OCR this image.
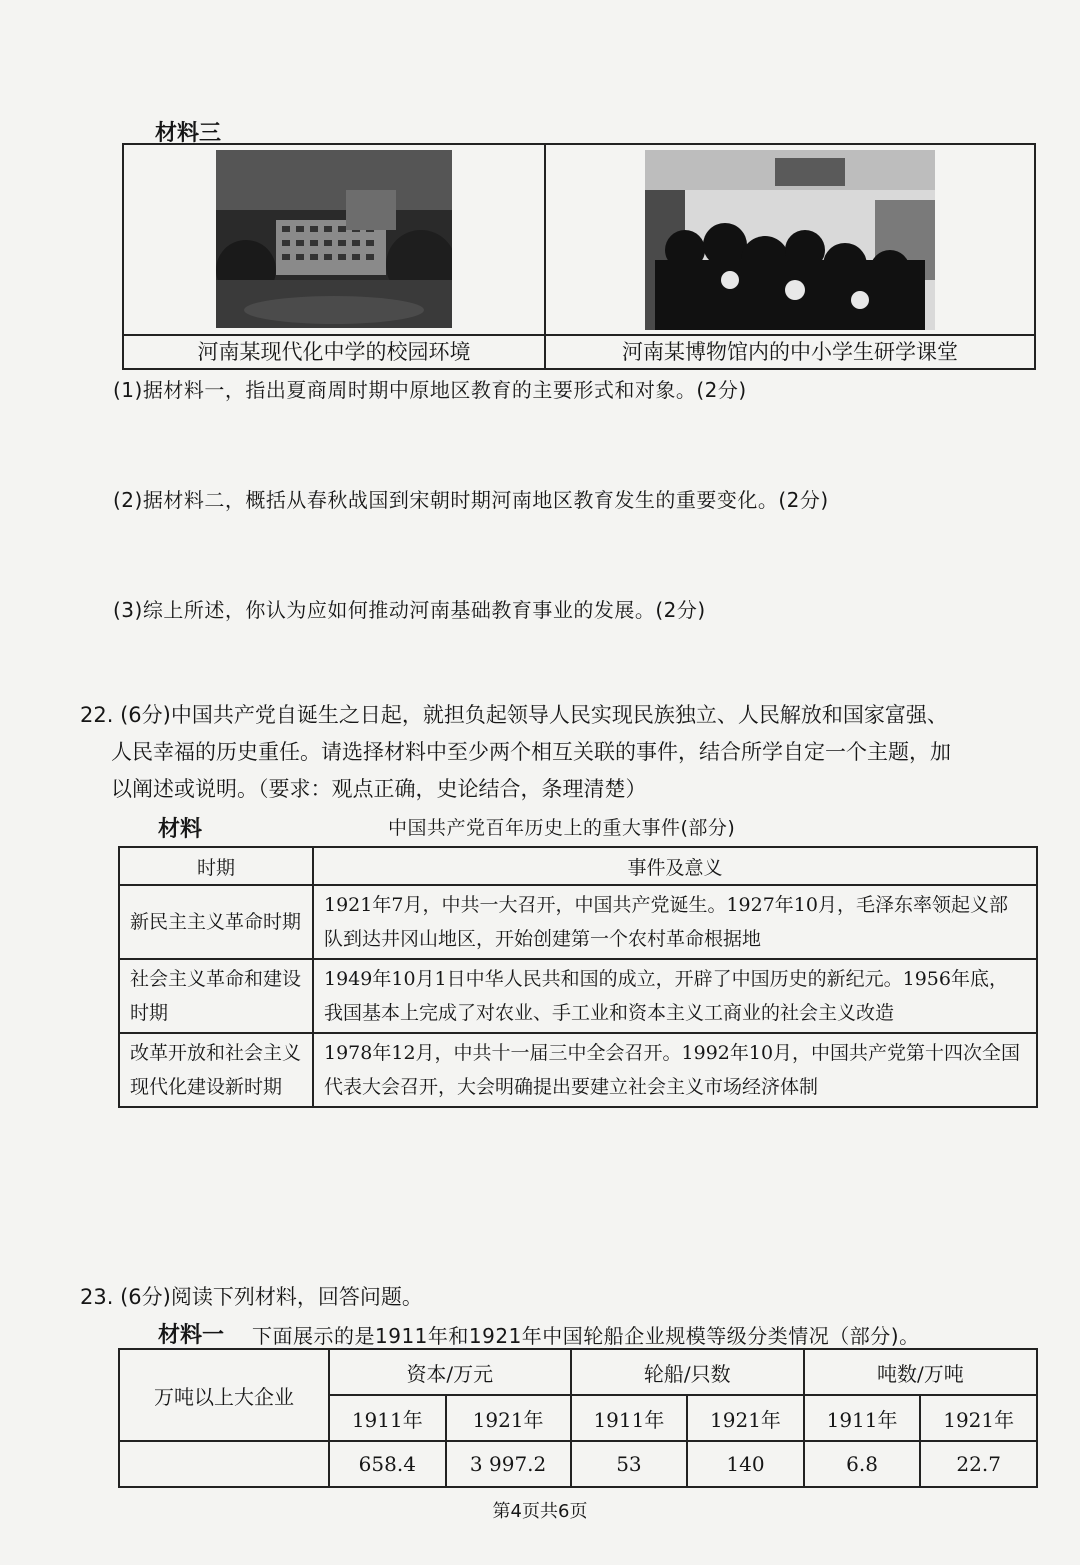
材料三

河南某现代化中学的校园环境	河南某博物馆内的中小学生研学课堂
(1)据材料一，指出夏商周时期中原地区教育的主要形式和对象。(2分)
(2)据材料二，概括从春秋战国到宋朝时期河南地区教育发生的重要变化。(2分)
(3)综上所述，你认为应如何推动河南基础教育事业的发展。(2分)
22. (6分)中国共产党自诞生之日起，就担负起领导人民实现民族独立、人民解放和国家富强、
人民幸福的历史重任。请选择材料中至少两个相互关联的事件，结合所学自定一个主题，加
以阐述或说明。（要求：观点正确，史论结合，条理清楚）
材料	中国共产党百年历史上的重大事件(部分)
时期	事件及意义
新民主主义革命时期	1921年7月，中共一大召开，中国共产党诞生。1927年10月，毛泽东率领起义部队到达井冈山地区，开始创建第一个农村革命根据地
社会主义革命和建设时期	1949年10月1日中华人民共和国的成立，开辟了中国历史的新纪元。1956年底，我国基本上完成了对农业、手工业和资本主义工商业的社会主义改造
改革开放和社会主义现代化建设新时期	1978年12月，中共十一届三中全会召开。1992年10月，中国共产党第十四次全国代表大会召开，大会明确提出要建立社会主义市场经济体制
23. (6分)阅读下列材料，回答问题。
材料一 下面展示的是1911年和1921年中国轮船企业规模等级分类情况（部分)。
万吨以上大企业	资本/万元		轮船/只数		吨数/万吨	
	1911年	1921年	1911年	1921年	1911年	1921年
	658.4	3 997.2	53	140	6.8	22.7
第4页共6页
